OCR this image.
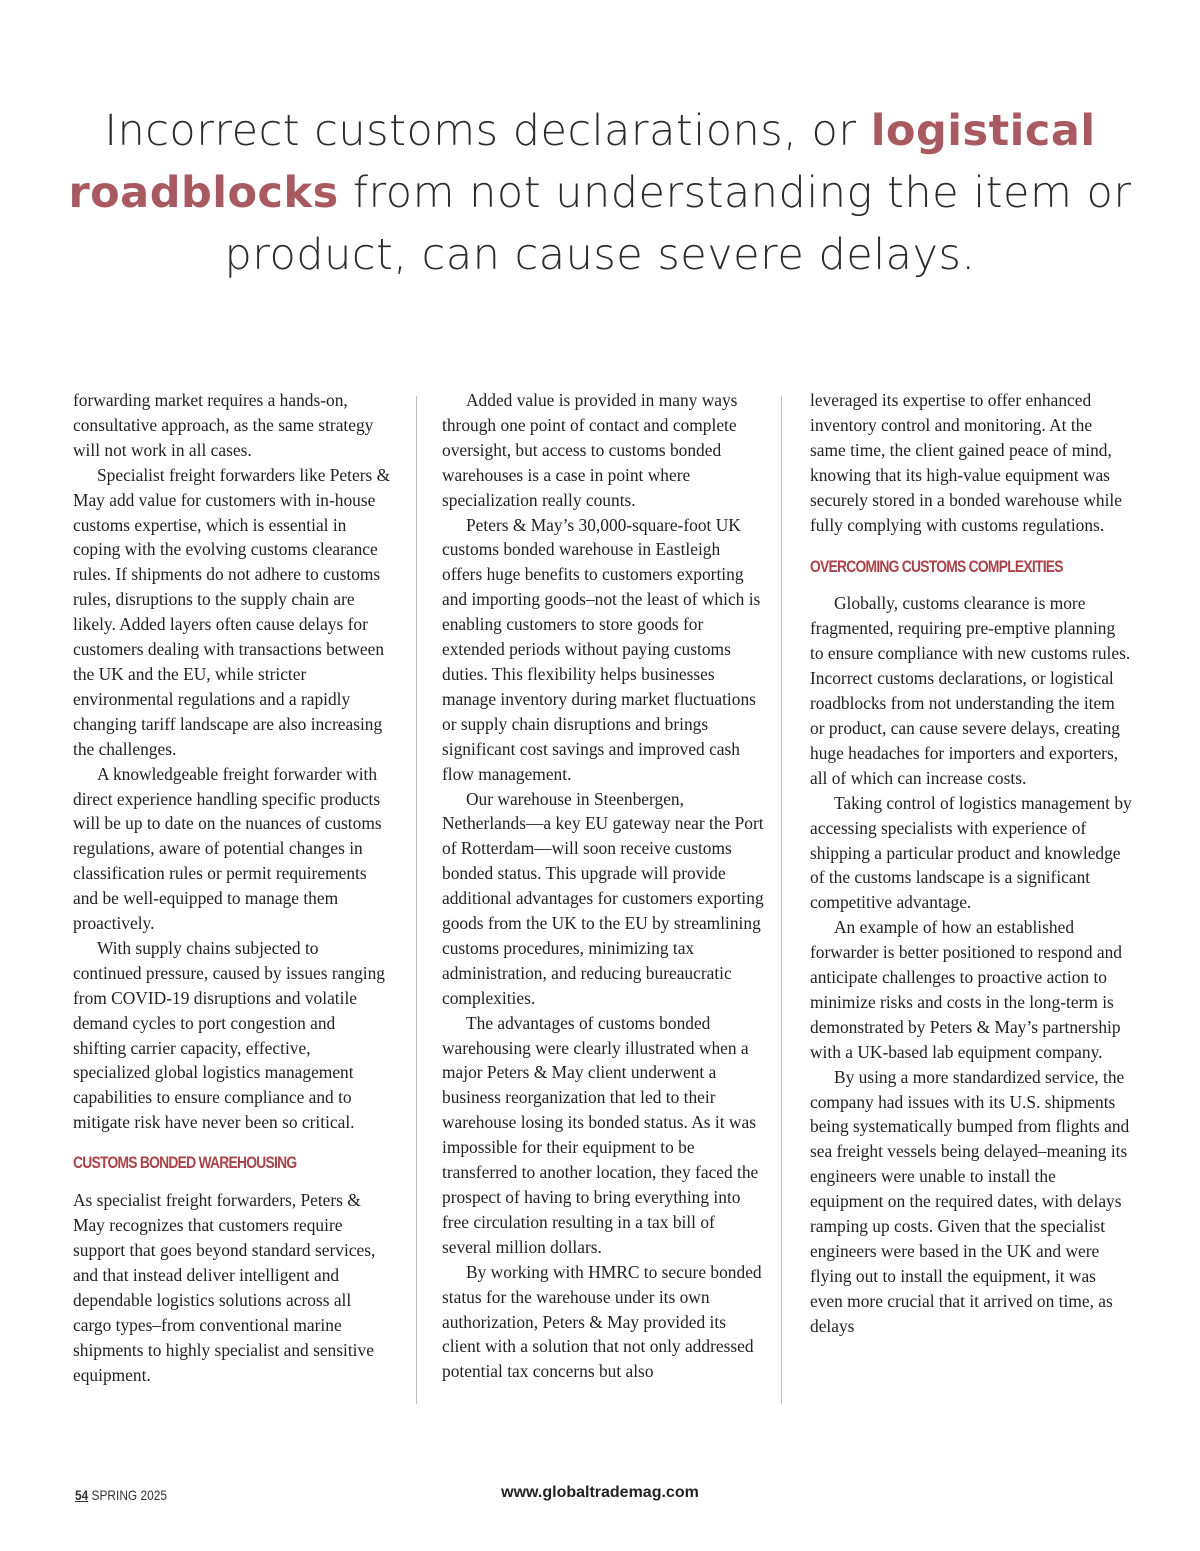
Incorrect customs declarations, or logistical roadblocks from not understanding the item or product, can cause severe delays.

forwarding market requires a hands-on, consultative approach, as the same strategy will not work in all cases.

Specialist freight forwarders like Peters & May add value for customers with in-house customs expertise, which is essential in coping with the evolving customs clearance rules. If shipments do not adhere to customs rules, disruptions to the supply chain are likely. Added layers often cause delays for customers dealing with transactions between the UK and the EU, while stricter environmental regulations and a rapidly changing tariff landscape are also increasing the challenges.

A knowledgeable freight forwarder with direct experience handling specific products will be up to date on the nuances of customs regulations, aware of potential changes in classification rules or permit requirements and be well-equipped to manage them proactively.

With supply chains subjected to continued pressure, caused by issues ranging from COVID-19 disruptions and volatile demand cycles to port congestion and shifting carrier capacity, effective, specialized global logistics management capabilities to ensure compliance and to mitigate risk have never been so critical.

CUSTOMS BONDED WAREHOUSING

As specialist freight forwarders, Peters & May recognizes that customers require support that goes beyond standard services, and that instead deliver intelligent and dependable logistics solutions across all cargo types–from conventional marine shipments to highly specialist and sensitive equipment.

Added value is provided in many ways through one point of contact and complete oversight, but access to customs bonded warehouses is a case in point where specialization really counts.

Peters & May’s 30,000-square-foot UK customs bonded warehouse in Eastleigh offers huge benefits to customers exporting and importing goods–not the least of which is enabling customers to store goods for extended periods without paying customs duties. This flexibility helps businesses manage inventory during market fluctuations or supply chain disruptions and brings significant cost savings and improved cash flow management.

Our warehouse in Steenbergen, Netherlands—a key EU gateway near the Port of Rotterdam—will soon receive customs bonded status. This upgrade will provide additional advantages for customers exporting goods from the UK to the EU by streamlining customs procedures, minimizing tax administration, and reducing bureaucratic complexities.

The advantages of customs bonded warehousing were clearly illustrated when a major Peters & May client underwent a business reorganization that led to their warehouse losing its bonded status. As it was impossible for their equipment to be transferred to another location, they faced the prospect of having to bring everything into free circulation resulting in a tax bill of several million dollars.

By working with HMRC to secure bonded status for the warehouse under its own authorization, Peters & May provided its client with a solution that not only addressed potential tax concerns but also

leveraged its expertise to offer enhanced inventory control and monitoring. At the same time, the client gained peace of mind, knowing that its high-value equipment was securely stored in a bonded warehouse while fully complying with customs regulations.

OVERCOMING CUSTOMS COMPLEXITIES

Globally, customs clearance is more fragmented, requiring pre-emptive planning to ensure compliance with new customs rules. Incorrect customs declarations, or logistical roadblocks from not understanding the item or product, can cause severe delays, creating huge headaches for importers and exporters, all of which can increase costs.

Taking control of logistics management by accessing specialists with experience of shipping a particular product and knowledge of the customs landscape is a significant competitive advantage.

An example of how an established forwarder is better positioned to respond and anticipate challenges to proactive action to minimize risks and costs in the long-term is demonstrated by Peters & May’s partnership with a UK-based lab equipment company.

By using a more standardized service, the company had issues with its U.S. shipments being systematically bumped from flights and sea freight vessels being delayed–meaning its engineers were unable to install the equipment on the required dates, with delays ramping up costs. Given that the specialist engineers were based in the UK and were flying out to install the equipment, it was even more crucial that it arrived on time, as delays

54 SPRING 2025	www.globaltrademag.com
